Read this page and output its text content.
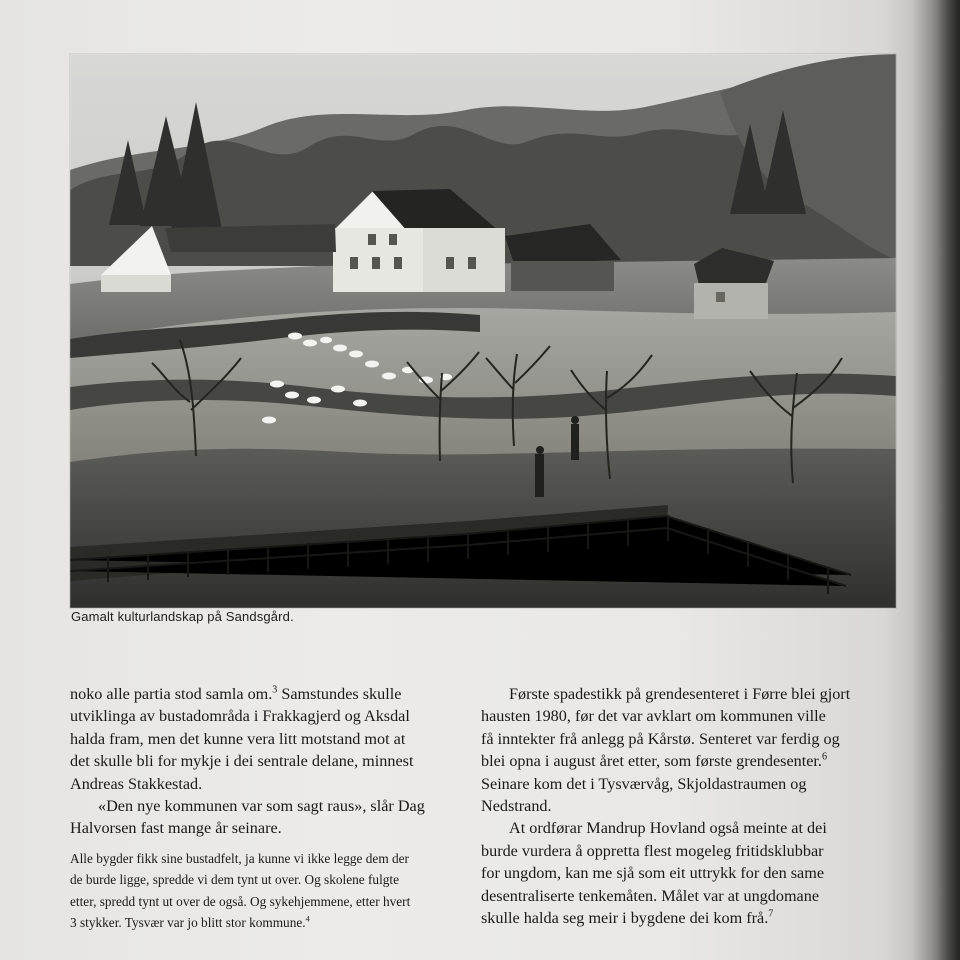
Gamalt kulturlandskap på Sandsgård.

noko alle partia stod samla om.$^3$ Samstundes skulle
utviklinga av bustadområda i Frakkagjerd og Aksdal
halda fram, men det kunne vera litt motstand mot at
det skulle bli for mykje i dei sentrale delane, minnest
Andreas Stakkestad.

«Den nye kommunen var som sagt raus», slår Dag
Halvorsen fast mange år seinare.

Alle bygder fikk sine bustadfelt, ja kunne vi ikke legge dem der
de burde ligge, spredde vi dem tynt ut over. Og skolene fulgte
etter, spredd tynt ut over de også. Og sykehjemmene, etter hvert
3 stykker. Tysvær var jo blitt stor kommune.$^4$

Første spadestikk på grendesenteret i Førre blei gjort
hausten 1980, før det var avklart om kommunen ville
få inntekter frå anlegg på Kårstø. Senteret var ferdig og
blei opna i august året etter, som første grendesenter.$^6$
Seinare kom det i Tysværvåg, Skjoldastraumen og
Nedstrand.

At ordførar Mandrup Hovland også meinte at dei
burde vurdera å oppretta flest mogeleg fritidsklubbar
for ungdom, kan me sjå som eit uttrykk for den same
desentraliserte tenkemåten. Målet var at ungdomane
skulle halda seg meir i bygdene dei kom frå.$^7$
